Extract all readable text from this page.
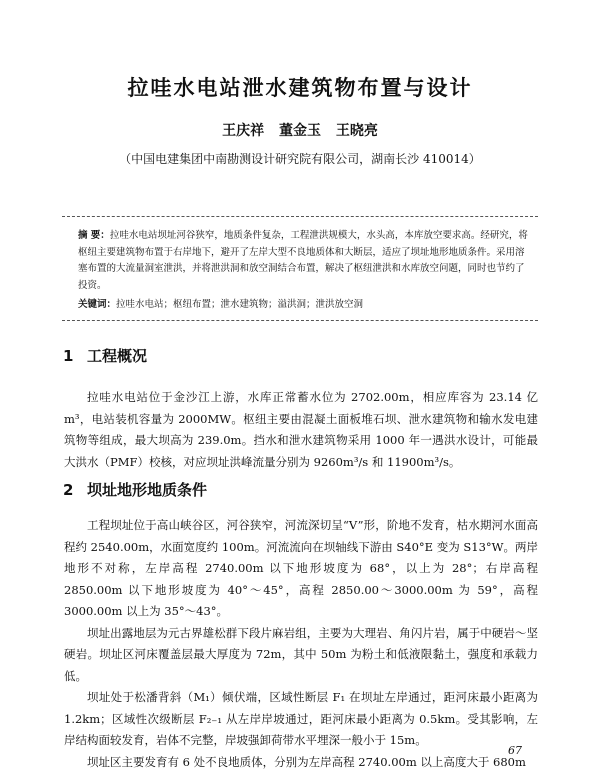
拉哇水电站泄水建筑物布置与设计
王庆祥 董金玉 王晓亮
（中国电建集团中南勘测设计研究院有限公司，湖南长沙 410014）

摘 要：拉哇水电站坝址河谷狭窄，地质条件复杂，工程泄洪规模大，水头高，本库放空要求高。经研究，将枢纽主要建筑物布置于右岸地下，避开了左岸大型不良地质体和大断层，适应了坝址地形地质条件。采用溶塞布置的大流量洞室泄洪，并将泄洪洞和放空洞结合布置，解决了枢纽泄洪和水库放空问题，同时也节约了投资。

关键词：拉哇水电站；枢纽布置；泄水建筑物；溢洪洞；泄洪放空洞

1 工程概况

拉哇水电站位于金沙江上游，水库正常蓄水位为 2702.00m，相应库容为 23.14 亿 m³，电站装机容量为 2000MW。枢纽主要由混凝土面板堆石坝、泄水建筑物和输水发电建筑物等组成，最大坝高为 239.0m。挡水和泄水建筑物采用 1000 年一遇洪水设计，可能最大洪水（PMF）校核，对应坝址洪峰流量分别为 9260m³/s 和 11900m³/s。

2 坝址地形地质条件

工程坝址位于高山峡谷区，河谷狭窄，河流深切呈“V”形，阶地不发育，枯水期河水面高程约 2540.00m，水面宽度约 100m。河流流向在坝轴线下游由 S40°E 变为 S13°W。两岸地形不对称，左岸高程 2740.00m 以下地形坡度为 68°，以上为 28°；右岸高程 2850.00m 以下地形坡度为 40°～45°，高程 2850.00～3000.00m 为 59°，高程 3000.00m 以上为 35°～43°。

坝址出露地层为元古界雄松群下段片麻岩组，主要为大理岩、角闪片岩，属于中硬岩～坚硬岩。坝址区河床覆盖层最大厚度为 72m，其中 50m 为粉土和低液限黏土，强度和承载力低。

坝址处于松潘背斜（M₁）倾伏端，区域性断层 F₁ 在坝址左岸通过，距河床最小距离为 1.2km；区域性次级断层 F₂₋₁ 从左岸岸坡通过，距河床最小距离为 0.5km。受其影响，左岸结构面较发育，岩体不完整，岸坡强卸荷带水平埋深一般小于 15m。

坝址区主要发育有 6 处不良地质体，分别为左岸高程 2740.00m 以上高度大于 680m

67
